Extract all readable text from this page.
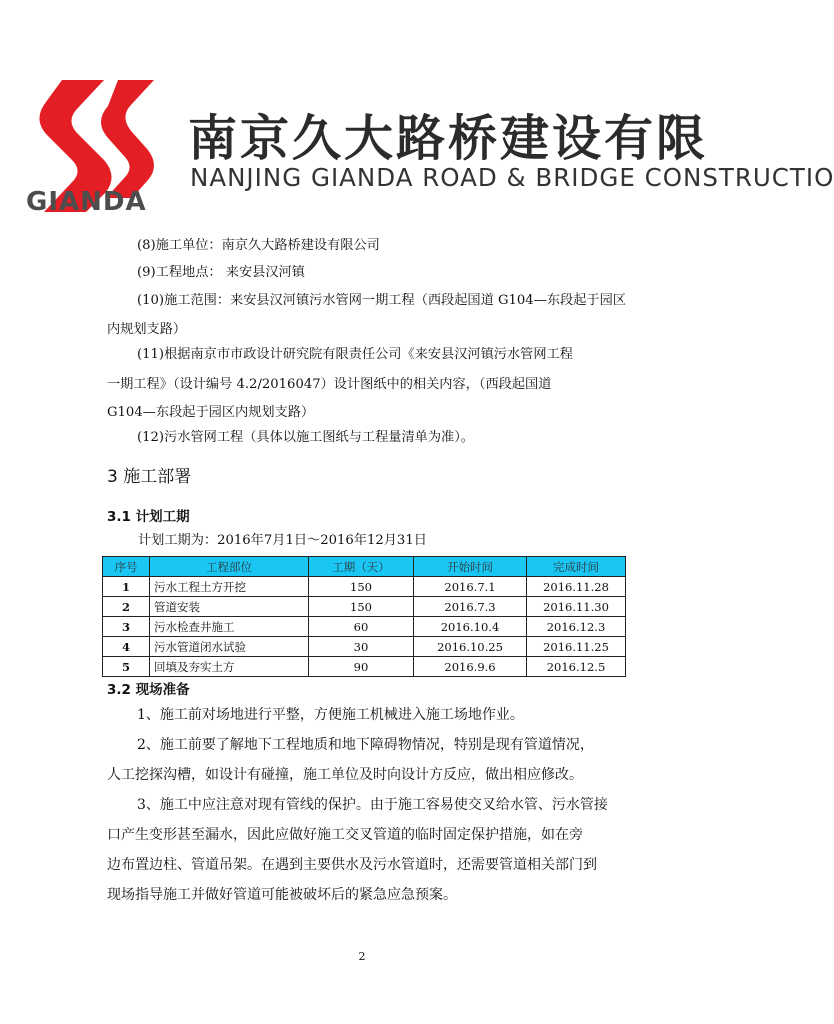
GIANDA
南京久大路桥建设有限
NANJING GIANDA ROAD & BRIDGE CONSTRUCTIO
(8)施工单位：南京久大路桥建设有限公司
(9)工程地点： 来安县汉河镇
(10)施工范围：来安县汉河镇污水管网一期工程（西段起国道 G104—东段起于园区
内规划支路）
(11)根据南京市市政设计研究院有限责任公司《来安县汉河镇污水管网工程
一期工程》（设计编号 4.2/2016047）设计图纸中的相关内容，（西段起国道
G104—东段起于园区内规划支路）
(12)污水管网工程（具体以施工图纸与工程量清单为准）。
3 施工部署
3.1 计划工期
计划工期为：2016年7月1日～2016年12月31日
序号	工程部位	工期（天）	开始时间	完成时间
1	污水工程土方开挖	150	2016.7.1	2016.11.28
2	管道安装	150	2016.7.3	2016.11.30
3	污水检查井施工	60	2016.10.4	2016.12.3
4	污水管道闭水试验	30	2016.10.25	2016.11.25
5	回填及夯实土方	90	2016.9.6	2016.12.5
3.2 现场准备
1、施工前对场地进行平整，方便施工机械进入施工场地作业。
2、施工前要了解地下工程地质和地下障碍物情况，特别是现有管道情况，
人工挖探沟槽，如设计有碰撞，施工单位及时向设计方反应，做出相应修改。
3、施工中应注意对现有管线的保护。由于施工容易使交叉给水管、污水管接
口产生变形甚至漏水，因此应做好施工交叉管道的临时固定保护措施，如在旁
边布置边柱、管道吊架。在遇到主要供水及污水管道时，还需要管道相关部门到
现场指导施工并做好管道可能被破坏后的紧急应急预案。
2
